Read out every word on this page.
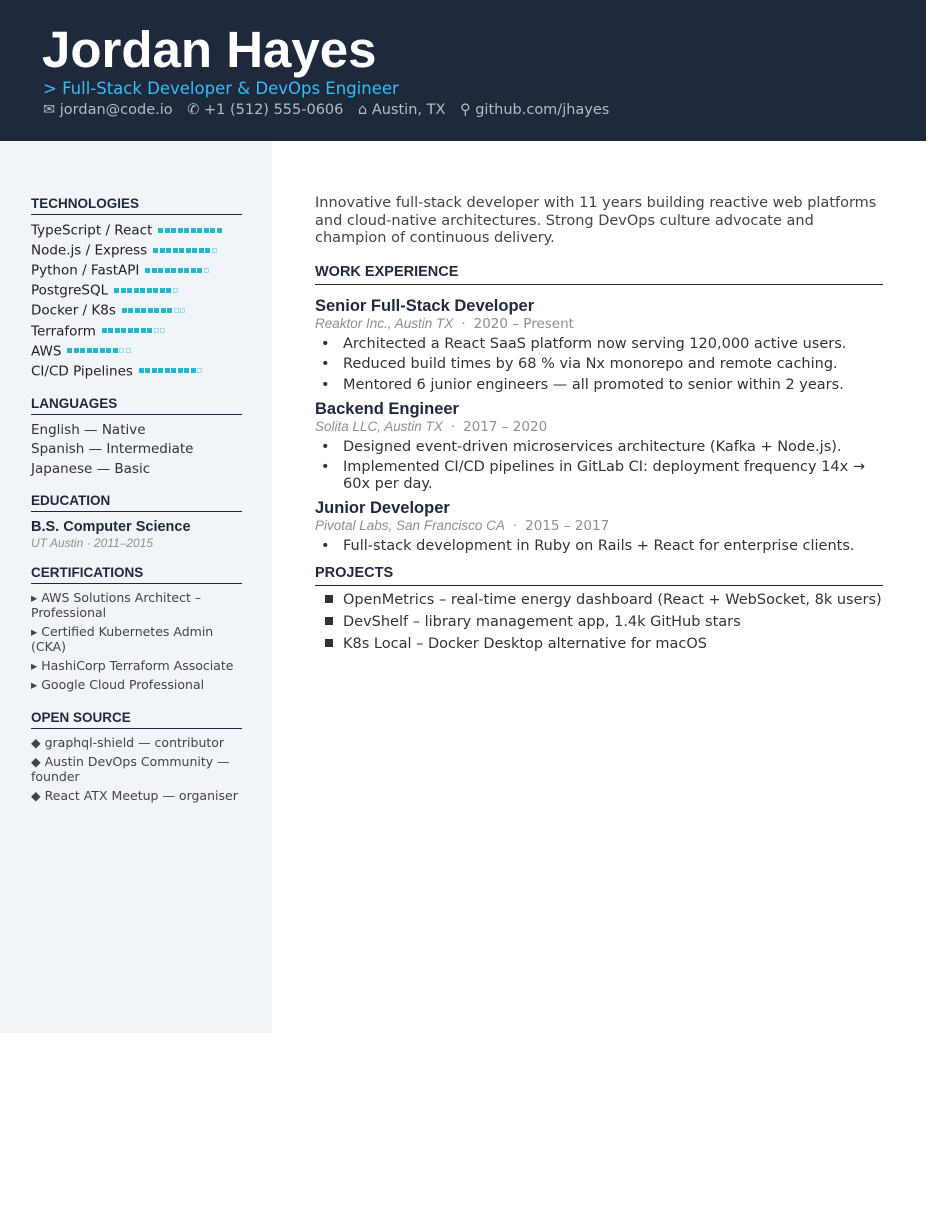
Jordan Hayes
> Full-Stack Developer & DevOps Engineer
✉ jordan@code.io ✆ +1 (512) 555-0606 ⌂ Austin, TX ⚲ github.com/jhayes
TECHNOLOGIES
TypeScript / React
Node.js / Express
Python / FastAPI
PostgreSQL
Docker / K8s
Terraform
AWS
CI/CD Pipelines
LANGUAGES
English — Native
Spanish — Intermediate
Japanese — Basic
EDUCATION
B.S. Computer Science
UT Austin · 2011–2015
CERTIFICATIONS
▸ AWS Solutions Architect – Professional
▸ Certified Kubernetes Admin (CKA)
▸ HashiCorp Terraform Associate
▸ Google Cloud Professional
OPEN SOURCE
◆ graphql-shield — contributor
◆ Austin DevOps Community — founder
◆ React ATX Meetup — organiser
Innovative full-stack developer with 11 years building reactive web platforms and cloud-native architectures. Strong DevOps culture advocate and champion of continuous delivery.
WORK EXPERIENCE
Senior Full-Stack Developer
Reaktor Inc., Austin TX · 2020 – Present
• Architected a React SaaS platform now serving 120,000 active users.
• Reduced build times by 68 % via Nx monorepo and remote caching.
• Mentored 6 junior engineers — all promoted to senior within 2 years.
Backend Engineer
Solita LLC, Austin TX · 2017 – 2020
• Designed event-driven microservices architecture (Kafka + Node.js).
• Implemented CI/CD pipelines in GitLab CI: deployment frequency 14x → 60x per day.
Junior Developer
Pivotal Labs, San Francisco CA · 2015 – 2017
• Full-stack development in Ruby on Rails + React for enterprise clients.
PROJECTS
OpenMetrics – real-time energy dashboard (React + WebSocket, 8k users)
DevShelf – library management app, 1.4k GitHub stars
K8s Local – Docker Desktop alternative for macOS
